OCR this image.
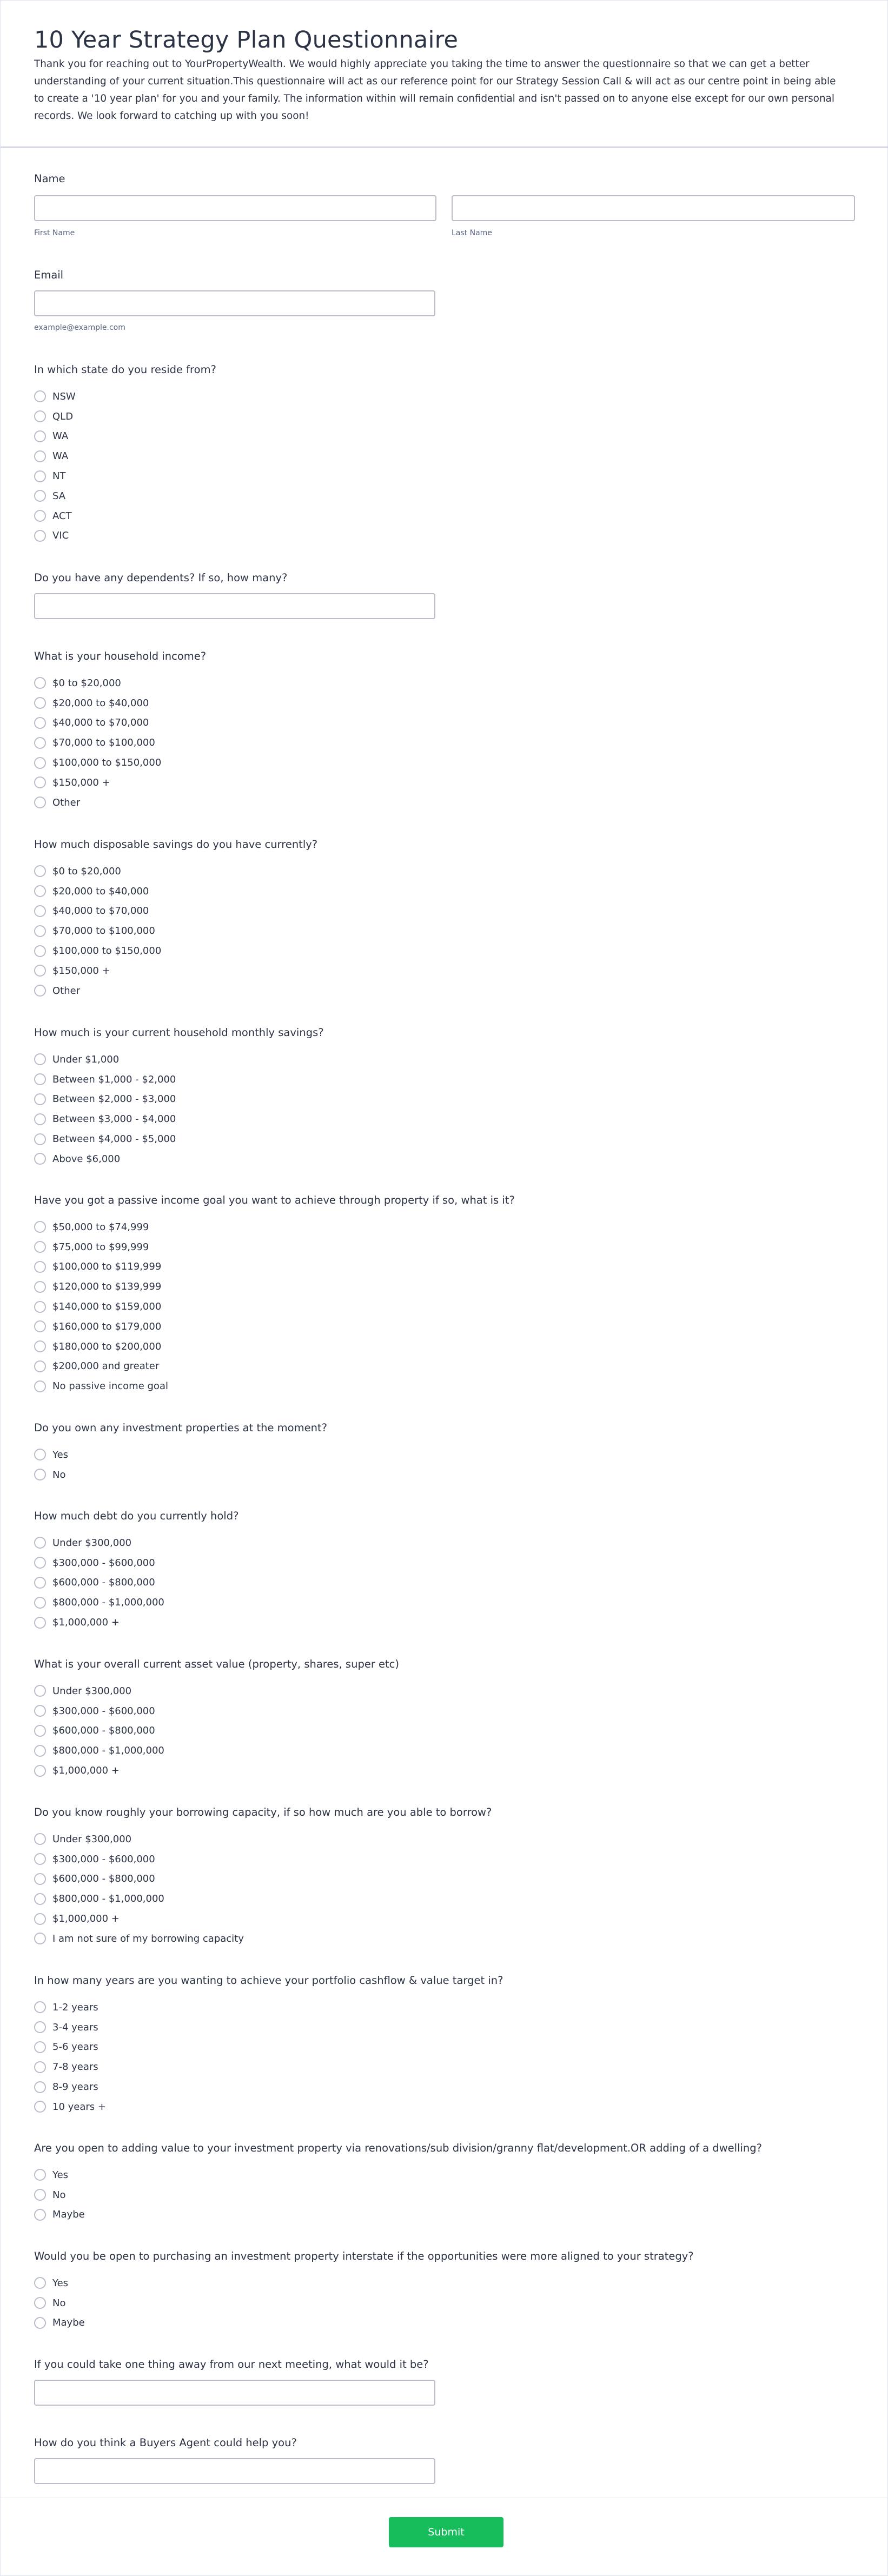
10 Year Strategy Plan Questionnaire

Thank you for reaching out to YourPropertyWealth. We would highly appreciate you taking the time to answer the questionnaire so that we can get a better understanding of your current situation.This questionnaire will act as our reference point for our Strategy Session Call & will act as our centre point in being able to create a '10 year plan' for you and your family. The information within will remain confidential and isn't passed on to anyone else except for our own personal records. We look forward to catching up with you soon!

Name

First Name	Last Name

Email

example@example.com

In which state do you reside from?

NSW
QLD
WA
WA
NT
SA
ACT
VIC

Do you have any dependents? If so, how many?

What is your household income?

$0 to $20,000
$20,000 to $40,000
$40,000 to $70,000
$70,000 to $100,000
$100,000 to $150,000
$150,000 +
Other

How much disposable savings do you have currently?

$0 to $20,000
$20,000 to $40,000
$40,000 to $70,000
$70,000 to $100,000
$100,000 to $150,000
$150,000 +
Other

How much is your current household monthly savings?

Under $1,000
Between $1,000 - $2,000
Between $2,000 - $3,000
Between $3,000 - $4,000
Between $4,000 - $5,000
Above $6,000

Have you got a passive income goal you want to achieve through property if so, what is it?

$50,000 to $74,999
$75,000 to $99,999
$100,000 to $119,999
$120,000 to $139,999
$140,000 to $159,000
$160,000 to $179,000
$180,000 to $200,000
$200,000 and greater
No passive income goal

Do you own any investment properties at the moment?

Yes
No

How much debt do you currently hold?

Under $300,000
$300,000 - $600,000
$600,000 - $800,000
$800,000 - $1,000,000
$1,000,000 +

What is your overall current asset value (property, shares, super etc)

Under $300,000
$300,000 - $600,000
$600,000 - $800,000
$800,000 - $1,000,000
$1,000,000 +

Do you know roughly your borrowing capacity, if so how much are you able to borrow?

Under $300,000
$300,000 - $600,000
$600,000 - $800,000
$800,000 - $1,000,000
$1,000,000 +
I am not sure of my borrowing capacity

In how many years are you wanting to achieve your portfolio cashflow & value target in?

1-2 years
3-4 years
5-6 years
7-8 years
8-9 years
10 years +

Are you open to adding value to your investment property via renovations/sub division/granny flat/development.OR adding of a dwelling?

Yes
No
Maybe

Would you be open to purchasing an investment property interstate if the opportunities were more aligned to your strategy?

Yes
No
Maybe

If you could take one thing away from our next meeting, what would it be?

How do you think a Buyers Agent could help you?

Submit
